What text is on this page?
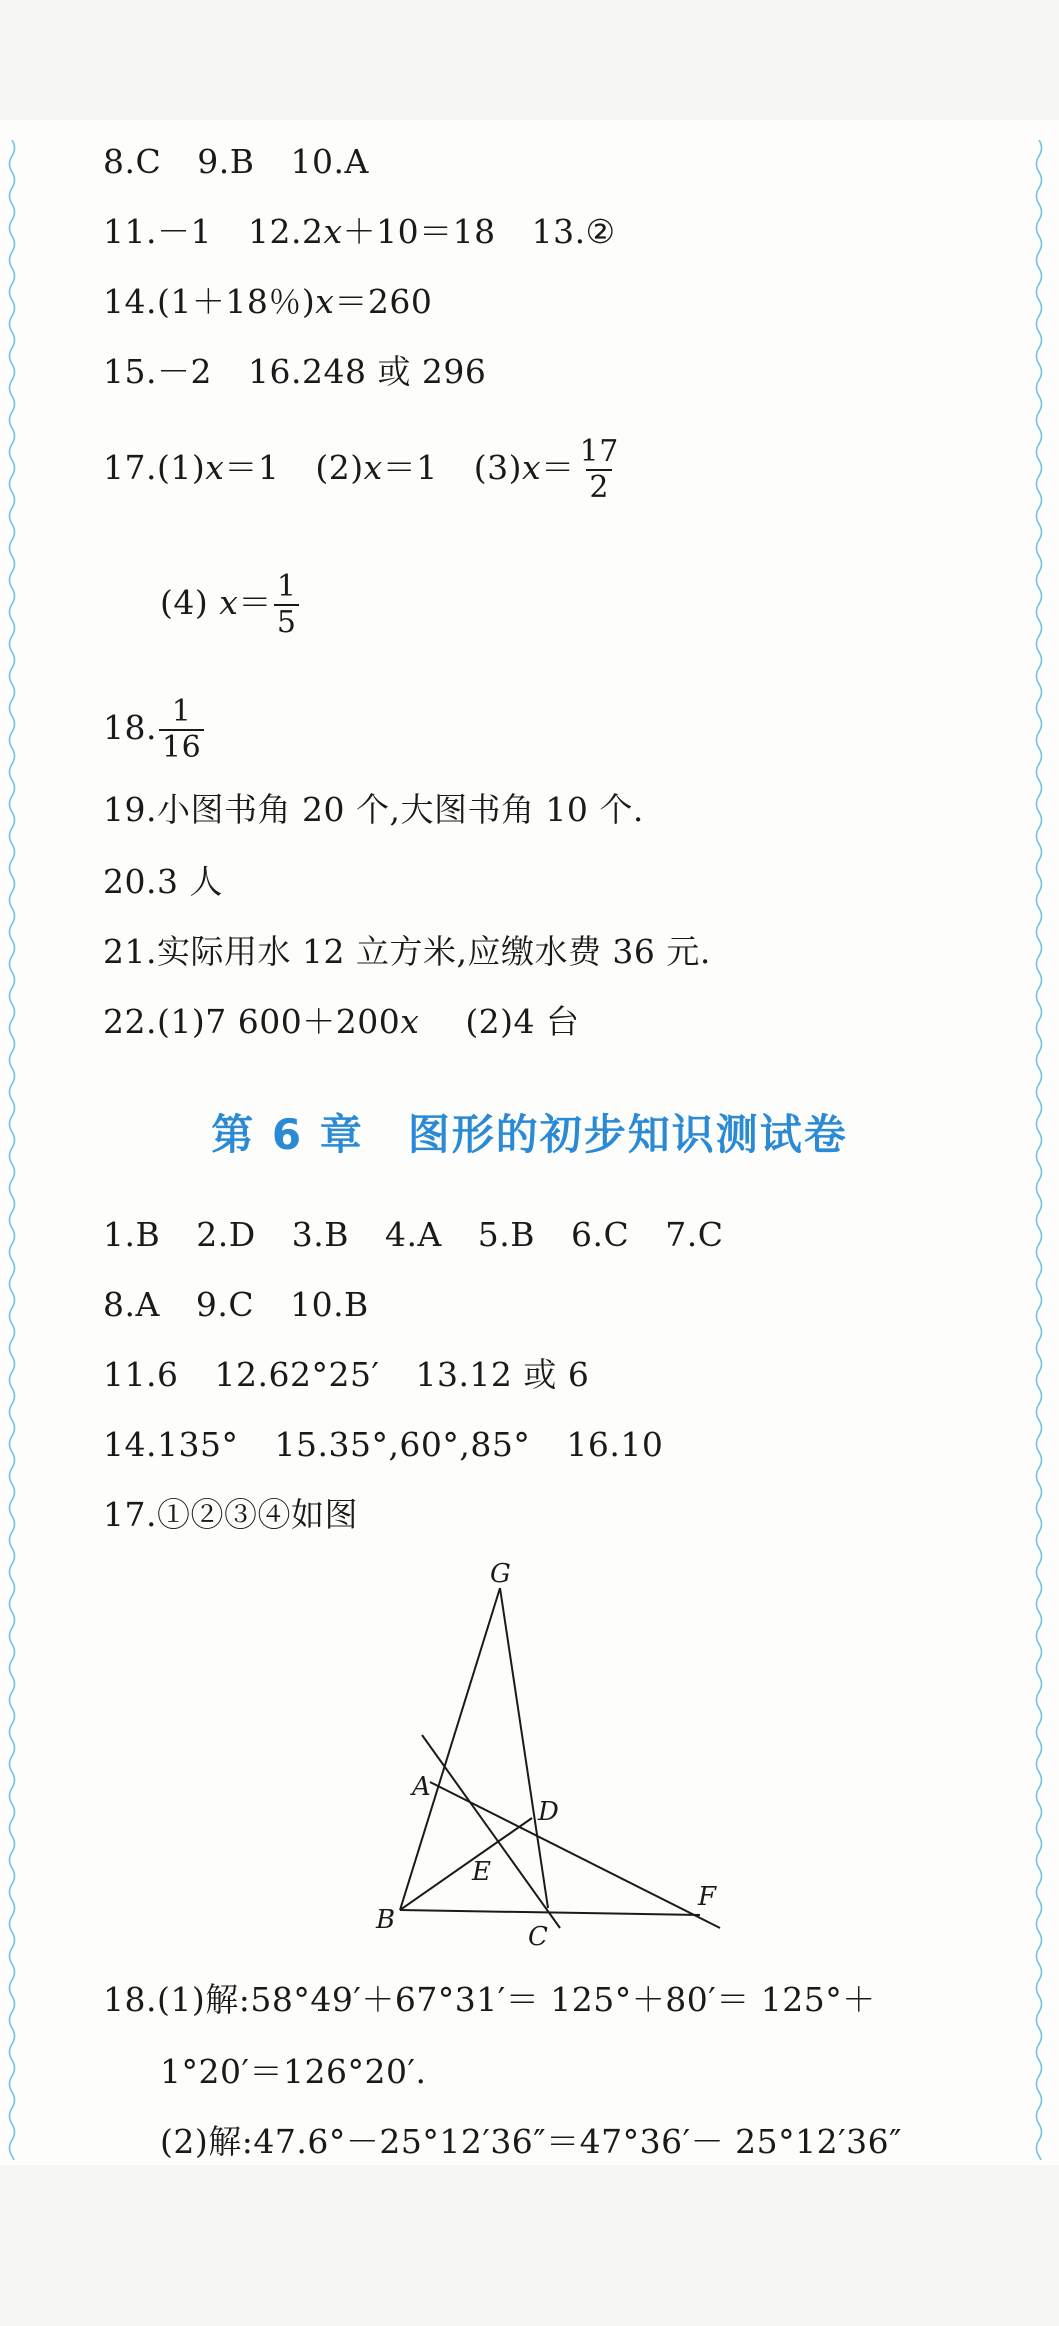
8.C 9.B 10.A
11.－1 12.2x＋10＝18 13.②
14.(1＋18％)x＝260
15.－2 16.248 或 296
17.(1)x＝1 (2)x＝1 $(3)x= \frac{17}{2}$
(4) $x= \frac{1}{5}$
18. $\frac{1}{16}$
19.小图书角 20 个,大图书角 10 个.
20.3 人
21.实际用水 12 立方米,应缴水费 36 元.
22.(1)7 600＋200x (2)4 台
第 6 章　图形的初步知识测试卷
1.B 2.D 3.B 4.A 5.B 6.C 7.C
8.A 9.C 10.B
11.6 12.62°25′ 13.12 或 6
14.135° 15.35°,60°,85° 16.10
17.①②③④如图
G
A
D
E
B
C
F
18.(1)解:58°49′＋67°31′＝ 125°＋80′＝ 125°＋
1°20′＝126°20′.
(2)解:47.6°－25°12′36″＝47°36′－ 25°12′36″
